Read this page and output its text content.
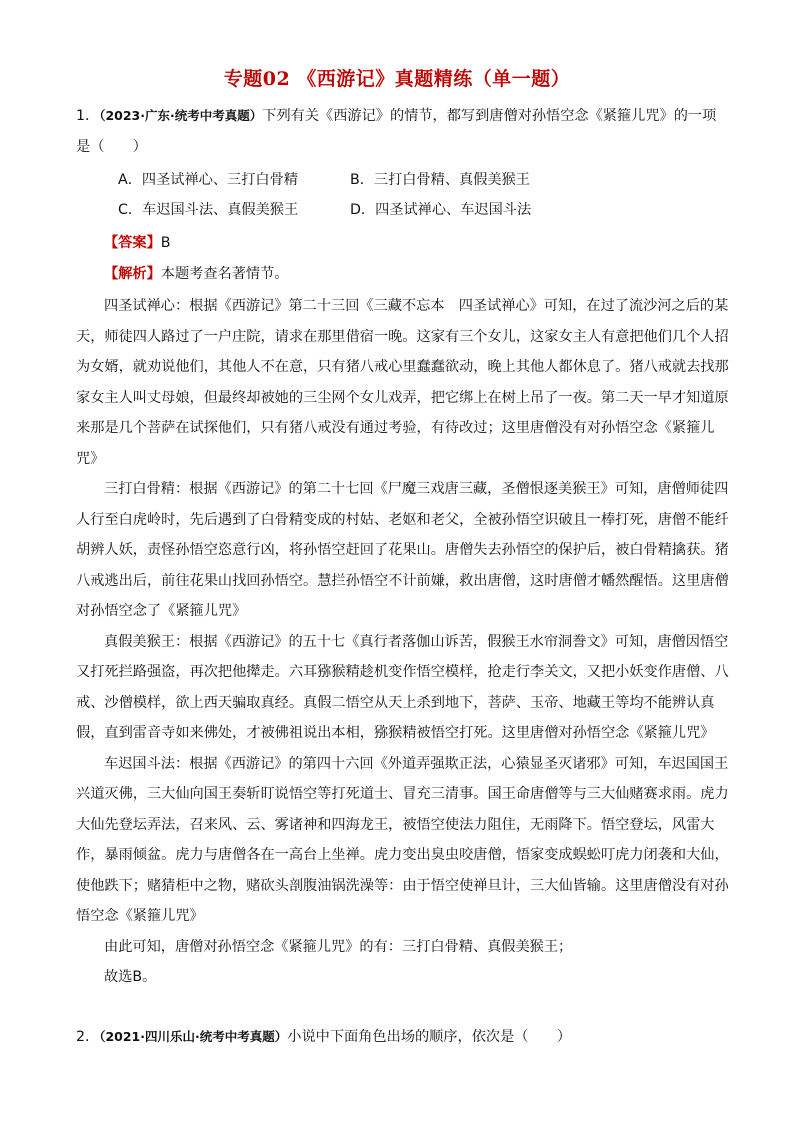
专题02 《西游记》真题精练（单一题）
1．（2023·广东·统考中考真题）下列有关《西游记》的情节，都写到唐僧对孙悟空念《紧箍儿咒》的一项是（　　）
A．四圣试禅心、三打白骨精	B．三打白骨精、真假美猴王
C．车迟国斗法、真假美猴王	D．四圣试禅心、车迟国斗法
【答案】B
【解析】本题考查名著情节。

四圣试禅心：根据《西游记》第二十三回《三藏不忘本　四圣试禅心》可知，在过了流沙河之后的某天，师徒四人路过了一户庄院，请求在那里借宿一晚。这家有三个女儿，这家女主人有意把他们几个人招为女婿，就劝说他们，其他人不在意，只有猪八戒心里蠢蠢欲动，晚上其他人都休息了。猪八戒就去找那家女主人叫丈母娘，但最终却被她的三尘网个女儿戏弄，把它绑上在树上吊了一夜。第二天一早才知道原来那是几个菩萨在试探他们，只有猪八戒没有通过考验，有待改过；这里唐僧没有对孙悟空念《紧箍儿咒》

三打白骨精：根据《西游记》的第二十七回《尸魔三戏唐三藏，圣僧恨逐美猴王》可知，唐僧师徒四人行至白虎岭时，先后遇到了白骨精变成的村姑、老妪和老父，全被孙悟空识破且一棒打死，唐僧不能纤胡辨人妖，责怪孙悟空恣意行凶，将孙悟空赶回了花果山。唐僧失去孙悟空的保护后，被白骨精擒获。猪八戒逃出后，前往花果山找回孙悟空。慧拦孙悟空不计前嫌，救出唐僧，这时唐僧才幡然醒悟。这里唐僧对孙悟空念了《紧箍儿咒》

真假美猴王：根据《西游记》的五十七《真行者落伽山诉苦，假猴王水帘洞誊文》可知，唐僧因悟空又打死拦路强盗，再次把他撵走。六耳猕猴精趁机变作悟空模样，抢走行李关文，又把小妖变作唐僧、八戒、沙僧模样，欲上西天骗取真经。真假二悟空从天上杀到地下，菩萨、玉帝、地藏王等均不能辨认真假，直到雷音寺如来佛处，才被佛祖说出本相，猕猴精被悟空打死。这里唐僧对孙悟空念《紧箍儿咒》

车迟国斗法：根据《西游记》的第四十六回《外道弄强欺正法，心猿显圣灭诸邪》可知，车迟国国王兴道灭佛，三大仙向国王奏斩盯说悟空等打死道士、冒充三清事。国王命唐僧等与三大仙赌赛求雨。虎力大仙先登坛弄法，召来风、云、雾诸神和四海龙王，被悟空使法力阻住，无雨降下。悟空登坛，风雷大作，暴雨倾盆。虎力与唐僧各在一高台上坐禅。虎力变出臭虫咬唐僧，悟家变成蜈蚣叮虎力闭袭和大仙，使他跌下；赌猜柜中之物，赌砍头剖腹油锅洗澡等：由于悟空使禅旦计，三大仙皆输。这里唐僧没有对孙悟空念《紧箍儿咒》

由此可知，唐僧对孙悟空念《紧箍儿咒》的有：三打白骨精、真假美猴王；

故选B。

2．（2021·四川乐山·统考中考真题）小说中下面角色出场的顺序，依次是（　　）
